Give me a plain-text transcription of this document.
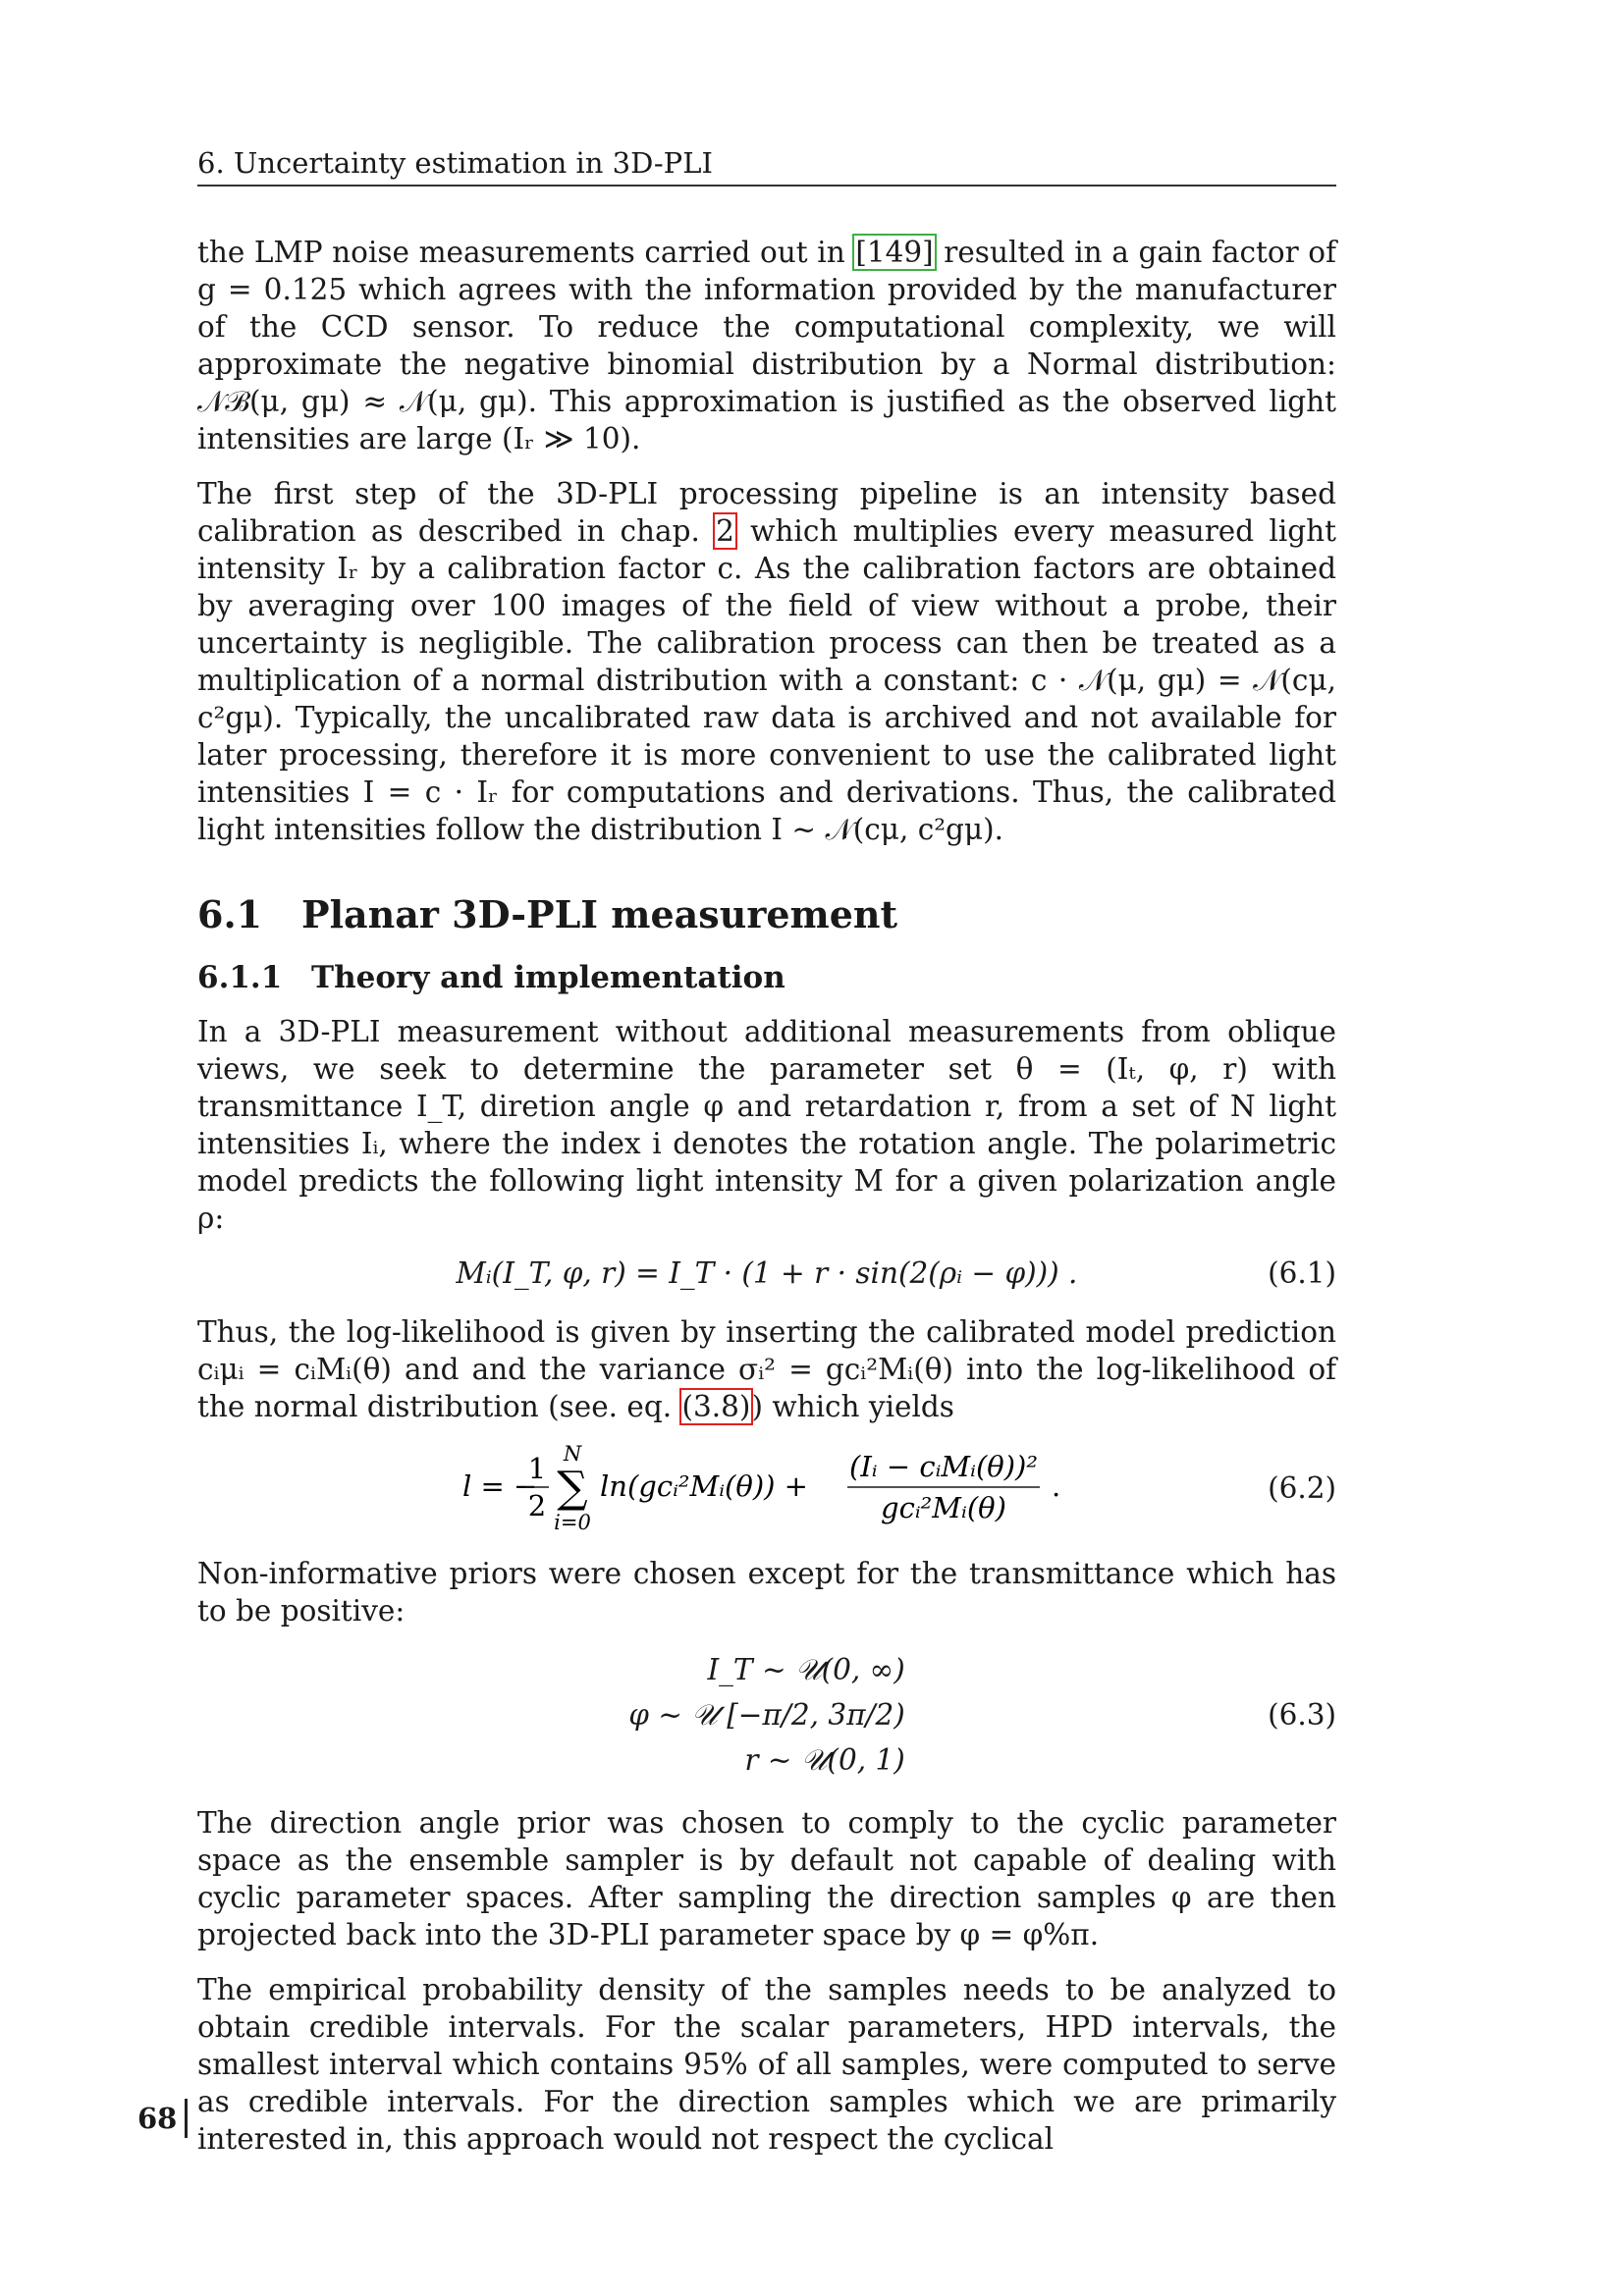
6. Uncertainty estimation in 3D-PLI

the LMP noise measurements carried out in [149] resulted in a gain factor of g = 0.125 which agrees with the information provided by the manufacturer of the CCD sensor. To reduce the computational complexity, we will approximate the negative binomial distribution by a Normal distribution: 𝒩ℬ(μ, gμ) ≈ 𝒩(μ, gμ). This approximation is justified as the observed light intensities are large (Iᵣ ≫ 10).

The first step of the 3D-PLI processing pipeline is an intensity based calibration as described in chap. 2 which multiplies every measured light intensity Iᵣ by a calibration factor c. As the calibration factors are obtained by averaging over 100 images of the field of view without a probe, their uncertainty is negligible. The calibration process can then be treated as a multiplication of a normal distribution with a constant: c · 𝒩(μ, gμ) = 𝒩(cμ, c²gμ). Typically, the uncalibrated raw data is archived and not available for later processing, therefore it is more convenient to use the calibrated light intensities I = c · Iᵣ for computations and derivations. Thus, the calibrated light intensities follow the distribution I ∼ 𝒩(cμ, c²gμ).

6.1 Planar 3D-PLI measurement
6.1.1 Theory and implementation

In a 3D-PLI measurement without additional measurements from oblique views, we seek to determine the parameter set θ = (Iₜ, φ, r) with transmittance I_T, diretion angle φ and retardation r, from a set of N light intensities Iᵢ, where the index i denotes the rotation angle. The polarimetric model predicts the following light intensity M for a given polarization angle ρ:

Mᵢ(I_T, φ, r) = I_T · (1 + r · sin(2(ρᵢ − φ))) .	(6.1)

Thus, the log-likelihood is given by inserting the calibrated model prediction cᵢμᵢ = cᵢMᵢ(θ) and and the variance σᵢ² = gcᵢ²Mᵢ(θ) into the log-likelihood of the normal distribution (see. eq. (3.8)) which yields

l = −
1
2
N
∑
i=0
ln(gcᵢ²Mᵢ(θ)) +
(Iᵢ − cᵢMᵢ(θ))²
gcᵢ²Mᵢ(θ)
.	(6.2)

Non-informative priors were chosen except for the transmittance which has to be positive:

I_T ∼ 𝒰(0, ∞)
φ ∼ 𝒰 [−π/2, 3π/2)
r ∼ 𝒰(0, 1)
(6.3)

The direction angle prior was chosen to comply to the cyclic parameter space as the ensemble sampler is by default not capable of dealing with cyclic parameter spaces. After sampling the direction samples φ are then projected back into the 3D-PLI parameter space by φ = φ%π.

The empirical probability density of the samples needs to be analyzed to obtain credible intervals. For the scalar parameters, HPD intervals, the smallest interval which contains 95% of all samples, were computed to serve as credible intervals. For the direction samples which we are primarily interested in, this approach would not respect the cyclical

68
